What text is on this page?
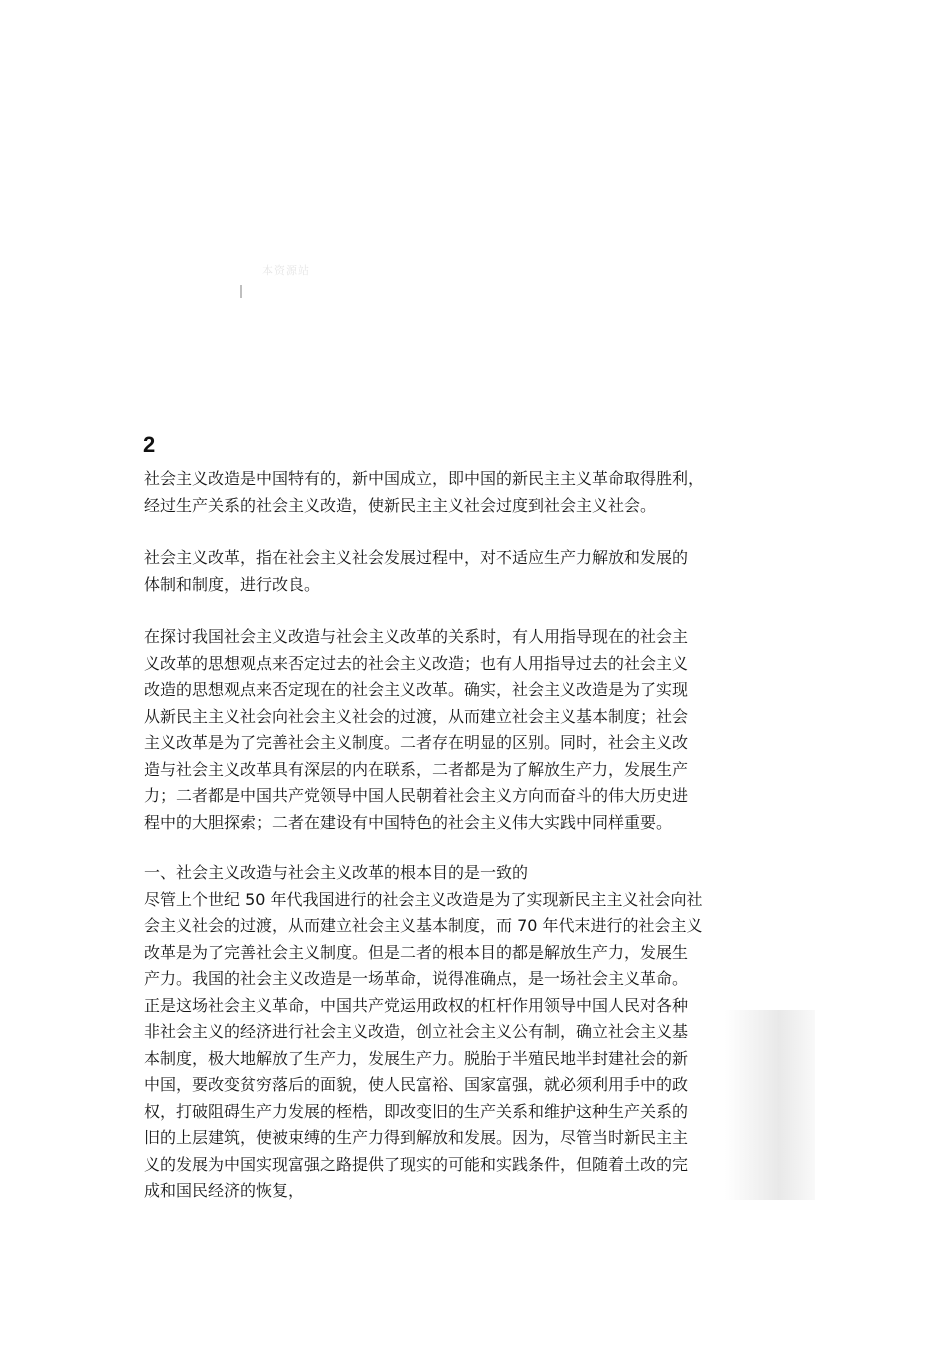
本资源站
2
社会主义改造是中国特有的，新中国成立，即中国的新民主主义革命取得胜利，
经过生产关系的社会主义改造，使新民主主义社会过度到社会主义社会。
社会主义改革，指在社会主义社会发展过程中，对不适应生产力解放和发展的
体制和制度，进行改良。
在探讨我国社会主义改造与社会主义改革的关系时，有人用指导现在的社会主
义改革的思想观点来否定过去的社会主义改造；也有人用指导过去的社会主义
改造的思想观点来否定现在的社会主义改革。确实，社会主义改造是为了实现
从新民主主义社会向社会主义社会的过渡，从而建立社会主义基本制度；社会
主义改革是为了完善社会主义制度。二者存在明显的区别。同时，社会主义改
造与社会主义改革具有深层的内在联系，二者都是为了解放生产力，发展生产
力；二者都是中国共产党领导中国人民朝着社会主义方向而奋斗的伟大历史进
程中的大胆探索；二者在建设有中国特色的社会主义伟大实践中同样重要。
一、社会主义改造与社会主义改革的根本目的是一致的
尽管上个世纪 50 年代我国进行的社会主义改造是为了实现新民主主义社会向社
会主义社会的过渡，从而建立社会主义基本制度，而 70 年代末进行的社会主义
改革是为了完善社会主义制度。但是二者的根本目的都是解放生产力，发展生
产力。我国的社会主义改造是一场革命，说得准确点，是一场社会主义革命。
正是这场社会主义革命，中国共产党运用政权的杠杆作用领导中国人民对各种
非社会主义的经济进行社会主义改造，创立社会主义公有制，确立社会主义基
本制度，极大地解放了生产力，发展生产力。脱胎于半殖民地半封建社会的新
中国，要改变贫穷落后的面貌，使人民富裕、国家富强，就必须利用手中的政
权，打破阻碍生产力发展的桎梏，即改变旧的生产关系和维护这种生产关系的
旧的上层建筑，使被束缚的生产力得到解放和发展。因为，尽管当时新民主主
义的发展为中国实现富强之路提供了现实的可能和实践条件，但随着土改的完
成和国民经济的恢复，
